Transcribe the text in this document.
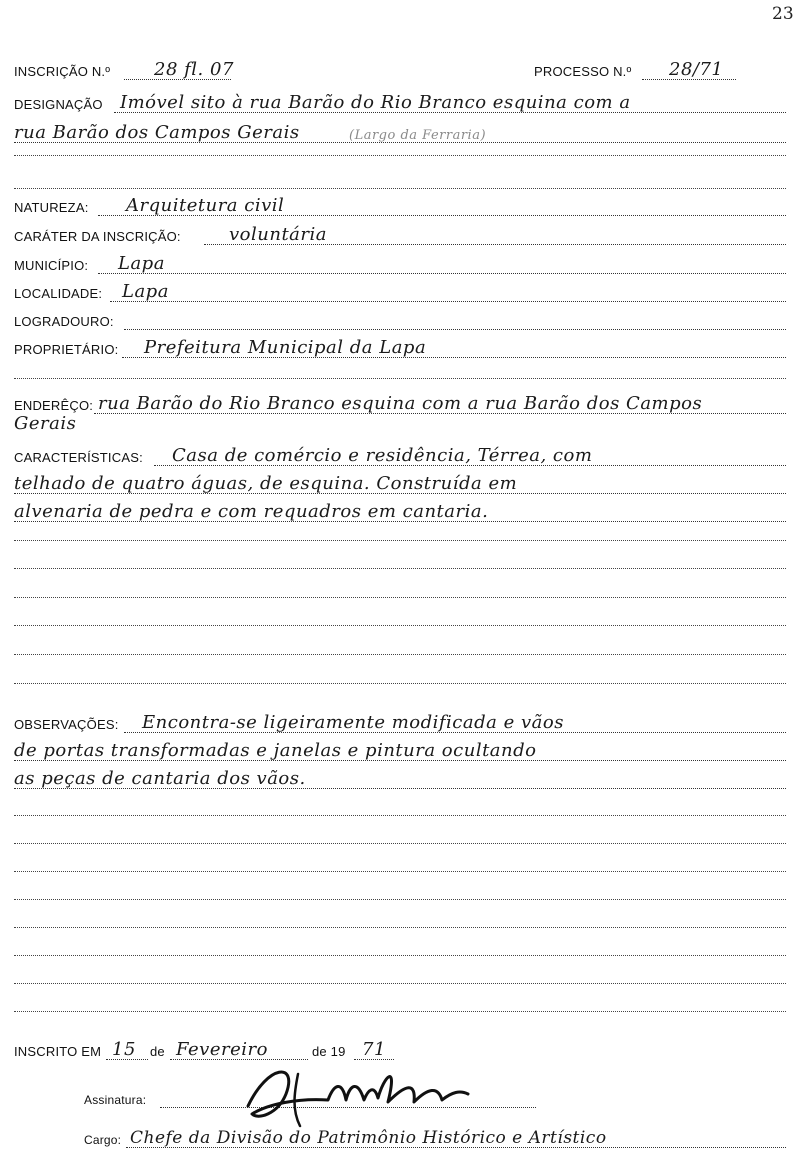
23
INSCRIÇÃO N.º 28 fl. 07	PROCESSO N.º 28/71
DESIGNAÇÃO Imóvel sito à rua Barão do Rio Branco esquina com a
rua Barão dos Campos Gerais	(Largo da Ferraria)
NATUREZA: Arquitetura civil
CARÁTER DA INSCRIÇÃO:	voluntária
MUNICÍPIO: Lapa
LOCALIDADE: Lapa
LOGRADOURO:
PROPRIETÁRIO: Prefeitura Municipal da Lapa
ENDERÊÇO: rua Barão do Rio Branco esquina com a rua Barão dos Campos
Gerais
CARACTERÍSTICAS: Casa de comércio e residência, Térrea, com
telhado de quatro águas, de esquina. Construída em
alvenaria de pedra e com requadros em cantaria.
OBSERVAÇÕES: Encontra-se ligeiramente modificada e vãos
de portas transformadas e janelas e pintura ocultando
as peças de cantaria dos vãos.
INSCRITO EM 15 de Fevereiro	de 19 71
Assinatura:
Cargo: Chefe da Divisão do Patrimônio Histórico e Artístico
